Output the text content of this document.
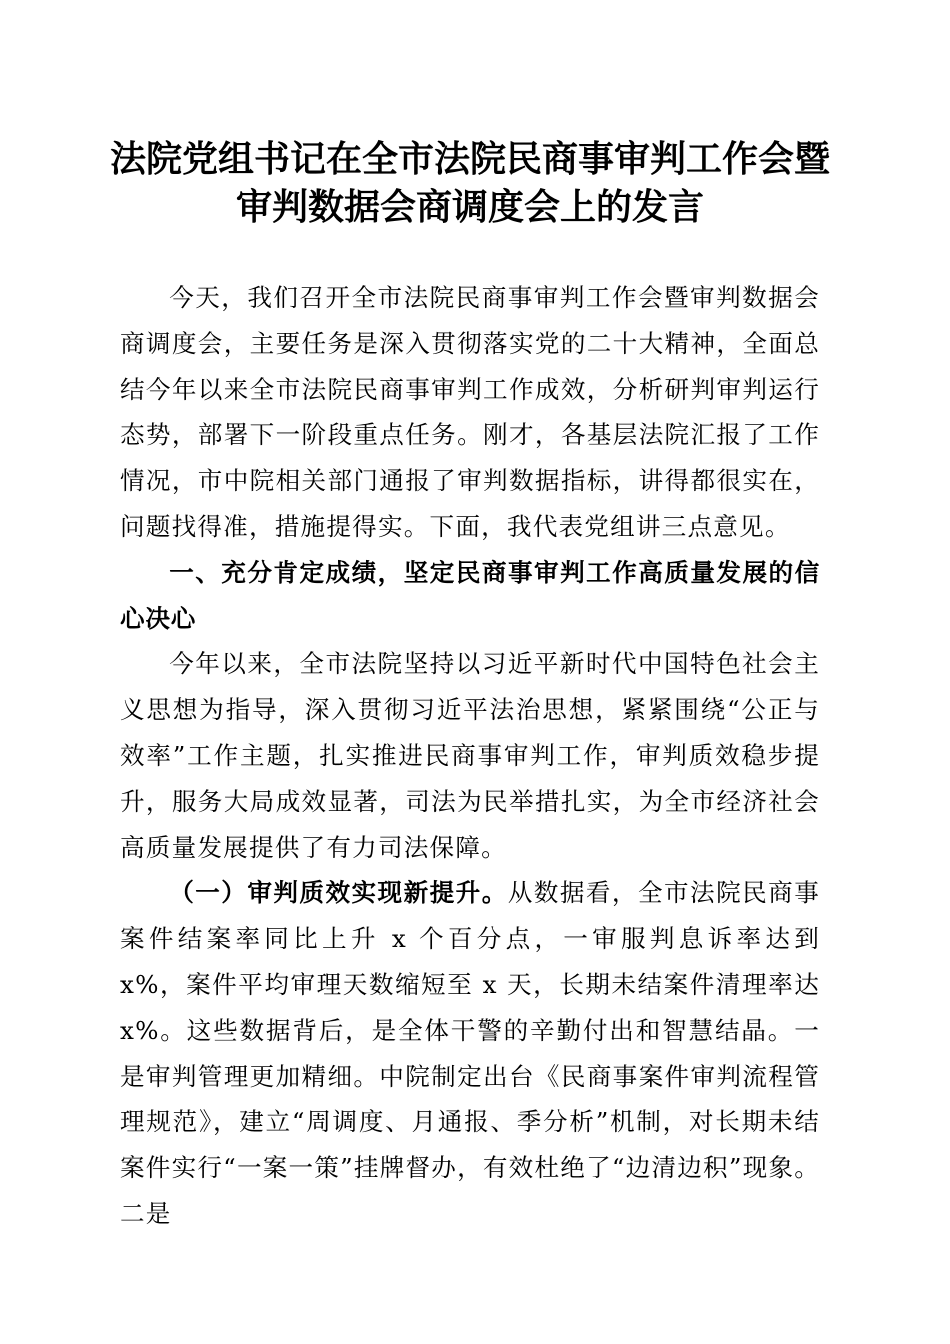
法院党组书记在全市法院民商事审判工作会暨
审判数据会商调度会上的发言

今天，我们召开全市法院民商事审判工作会暨审判数据会商调度会，主要任务是深入贯彻落实党的二十大精神，全面总结今年以来全市法院民商事审判工作成效，分析研判审判运行态势，部署下一阶段重点任务。刚才，各基层法院汇报了工作情况，市中院相关部门通报了审判数据指标，讲得都很实在，问题找得准，措施提得实。下面，我代表党组讲三点意见。

一、充分肯定成绩，坚定民商事审判工作高质量发展的信心决心

今年以来，全市法院坚持以习近平新时代中国特色社会主义思想为指导，深入贯彻习近平法治思想，紧紧围绕“公正与效率”工作主题，扎实推进民商事审判工作，审判质效稳步提升，服务大局成效显著，司法为民举措扎实，为全市经济社会高质量发展提供了有力司法保障。

（一）审判质效实现新提升。从数据看，全市法院民商事案件结案率同比上升 x 个百分点，一审服判息诉率达到 x%，案件平均审理天数缩短至 x 天，长期未结案件清理率达 x%。这些数据背后，是全体干警的辛勤付出和智慧结晶。一是审判管理更加精细。中院制定出台《民商事案件审判流程管理规范》，建立“周调度、月通报、季分析”机制，对长期未结案件实行“一案一策”挂牌督办，有效杜绝了“边清边积”现象。二是
